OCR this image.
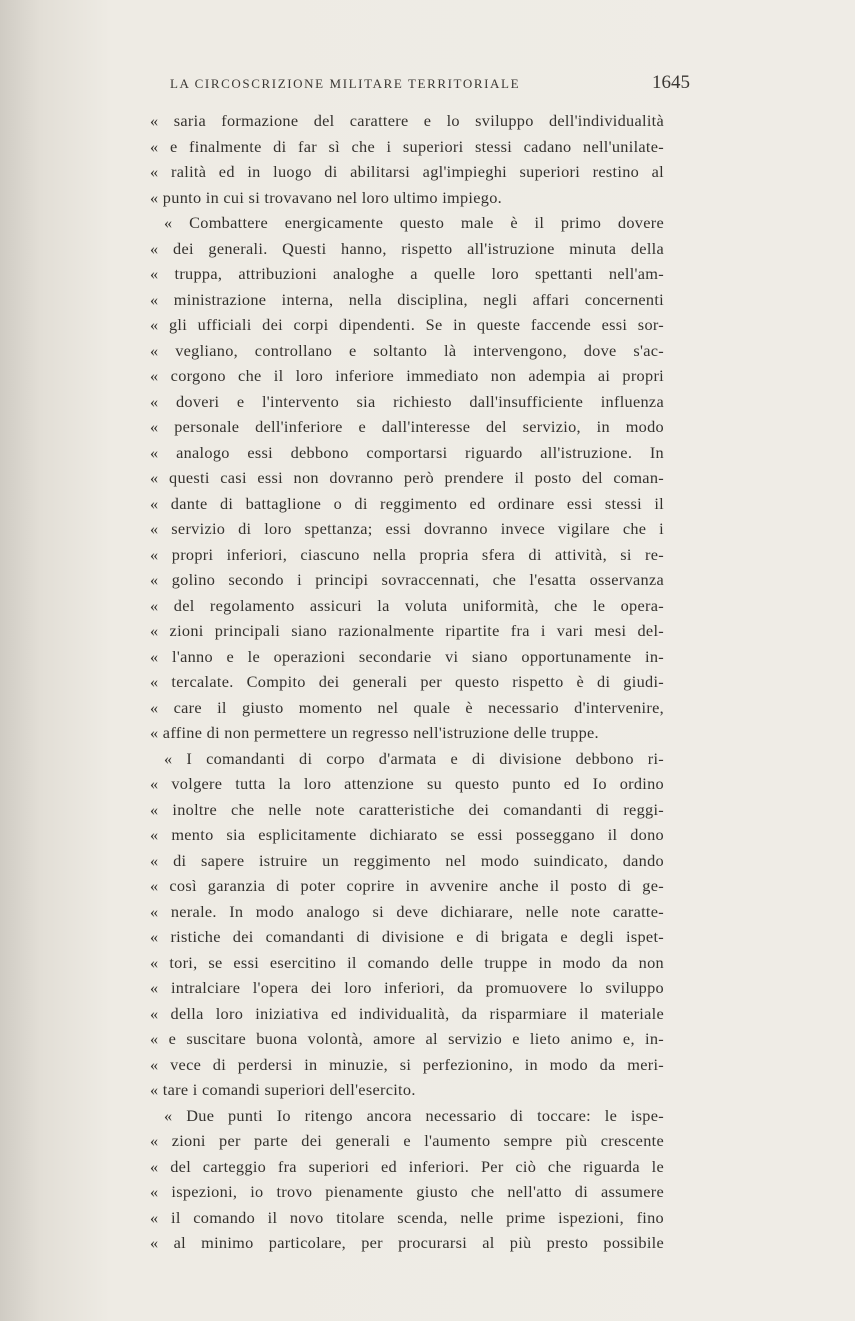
LA CIRCOSCRIZIONE MILITARE TERRITORIALE	1645
« saria formazione del carattere e lo sviluppo dell'individualità
« e finalmente di far sì che i superiori stessi cadano nell'unilate-
« ralità ed in luogo di abilitarsi agl'impieghi superiori restino al
« punto in cui si trovavano nel loro ultimo impiego.
« Combattere energicamente questo male è il primo dovere
« dei generali. Questi hanno, rispetto all'istruzione minuta della
« truppa, attribuzioni analoghe a quelle loro spettanti nell'am-
« ministrazione interna, nella disciplina, negli affari concernenti
« gli ufficiali dei corpi dipendenti. Se in queste faccende essi sor-
« vegliano, controllano e soltanto là intervengono, dove s'ac-
« corgono che il loro inferiore immediato non adempia ai propri
« doveri e l'intervento sia richiesto dall'insufficiente influenza
« personale dell'inferiore e dall'interesse del servizio, in modo
« analogo essi debbono comportarsi riguardo all'istruzione. In
« questi casi essi non dovranno però prendere il posto del coman-
« dante di battaglione o di reggimento ed ordinare essi stessi il
« servizio di loro spettanza; essi dovranno invece vigilare che i
« propri inferiori, ciascuno nella propria sfera di attività, si re-
« golino secondo i principi sovraccennati, che l'esatta osservanza
« del regolamento assicuri la voluta uniformità, che le opera-
« zioni principali siano razionalmente ripartite fra i vari mesi del-
« l'anno e le operazioni secondarie vi siano opportunamente in-
« tercalate. Compito dei generali per questo rispetto è di giudi-
« care il giusto momento nel quale è necessario d'intervenire,
« affine di non permettere un regresso nell'istruzione delle truppe.
« I comandanti di corpo d'armata e di divisione debbono ri-
« volgere tutta la loro attenzione su questo punto ed Io ordino
« inoltre che nelle note caratteristiche dei comandanti di reggi-
« mento sia esplicitamente dichiarato se essi posseggano il dono
« di sapere istruire un reggimento nel modo suindicato, dando
« così garanzia di poter coprire in avvenire anche il posto di ge-
« nerale. In modo analogo si deve dichiarare, nelle note caratte-
« ristiche dei comandanti di divisione e di brigata e degli ispet-
« tori, se essi esercitino il comando delle truppe in modo da non
« intralciare l'opera dei loro inferiori, da promuovere lo sviluppo
« della loro iniziativa ed individualità, da risparmiare il materiale
« e suscitare buona volontà, amore al servizio e lieto animo e, in-
« vece di perdersi in minuzie, si perfezionino, in modo da meri-
« tare i comandi superiori dell'esercito.
« Due punti Io ritengo ancora necessario di toccare: le ispe-
« zioni per parte dei generali e l'aumento sempre più crescente
« del carteggio fra superiori ed inferiori. Per ciò che riguarda le
« ispezioni, io trovo pienamente giusto che nell'atto di assumere
« il comando il novo titolare scenda, nelle prime ispezioni, fino
« al minimo particolare, per procurarsi al più presto possibile
